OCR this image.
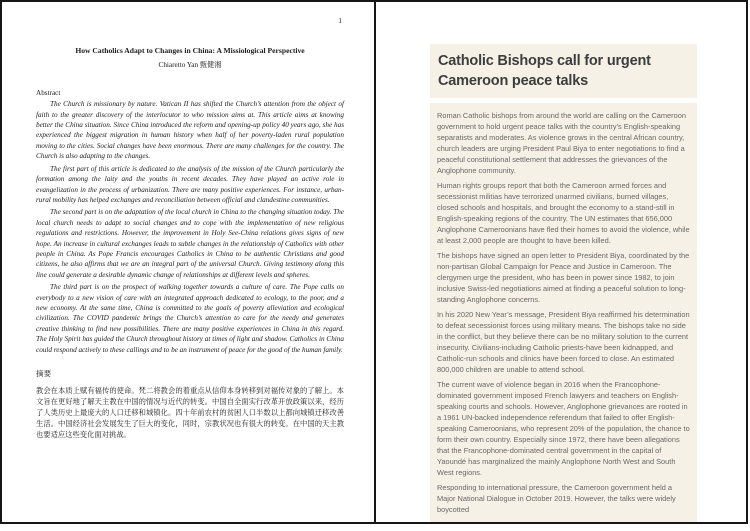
1
How Catholics Adapt to Changes in China: A Missiological Perspective
Chiaretto Yan 甄健湘
Abstract

The Church is missionary by nature. Vatican II has shifted the Church’s attention from the object of faith to the greater discovery of the interlocutor to who mission aims at. This article aims at knowing better the China situation. Since China introduced the reform and opening-up policy 40 years ago, she has experienced the biggest migration in human history when half of her poverty-laden rural population moving to the cities. Social changes have been enormous. There are many challenges for the country. The Church is also adapting to the changes.

The first part of this article is dedicated to the analysis of the mission of the Church particularly the formation among the laity and the youths in recent decades. They have played an active role in evangelization in the process of urbanization. There are many positive experiences. For instance, urban-rural mobility has helped exchanges and reconciliation between official and clandestine communities.

The second part is on the adaptation of the local church in China to the changing situation today. The local church needs to adapt to social changes and to cope with the implementation of new religious regulations and restrictions. However, the improvement in Holy See-China relations gives signs of new hope. An increase in cultural exchanges leads to subtle changes in the relationship of Catholics with other people in China. As Pope Francis encourages Catholics in China to be authentic Christians and good citizens, he also affirms that we are an integral part of the universal Church. Giving testimony along this line could generate a desirable dynamic change of relationships at different levels and spheres.

The third part is on the prospect of walking together towards a culture of care. The Pope calls on everybody to a new vision of care with an integrated approach dedicated to ecology, to the poor, and a new economy. At the same time, China is committed to the goals of poverty alleviation and ecological civilization. The COVID pandemic brings the Church’s attention to care for the needy and generates creative thinking to find new possibilities. There are many positive experiences in China in this regard. The Holy Spirit has guided the Church throughout history at times of light and shadow. Catholics in China could respond actively to these callings and to be an instrument of peace for the good of the human family.

摘要

教会在本质上赋有福传的使命。梵二将教会的着重点从信仰本身转移到对福传对象的了解上。本文旨在更好地了解天主教在中国的情况与近代的转变。中国自全面实行改革开放政策以来，经历了人类历史上最庞大的人口迁移和城镇化。四十年前农村的贫困人口半数以上都向城镇迁移改善生活。中国经济社会发展发生了巨大的变化，同时，宗教状况也有很大的转变。在中国的天主教也要适应这些变化面对挑战。

Catholic Bishops call for urgent Cameroon peace talks

Roman Catholic bishops from around the world are calling on the Cameroon government to hold urgent peace talks with the country’s English-speaking separatists and moderates. As violence grows in the central African country, church leaders are urging President Paul Biya to enter negotiations to find a peaceful constitutional settlement that addresses the grievances of the Anglophone community.

Human rights groups report that both the Cameroon armed forces and secessionist militias have terrorized unarmed civilians, burned villages, closed schools and hospitals, and brought the economy to a stand-still in English-speaking regions of the country. The UN estimates that 656,000 Anglophone Cameroonians have fled their homes to avoid the violence, while at least 2,000 people are thought to have been killed.

The bishops have signed an open letter to President Biya, coordinated by the non-partisan Global Campaign for Peace and Justice in Cameroon. The clergymen urge the president, who has been in power since 1982, to join inclusive Swiss-led negotiations aimed at finding a peaceful solution to long-standing Anglophone concerns.

In his 2020 New Year’s message, President Biya reaffirmed his determination to defeat secessionist forces using military means. The bishops take no side in the conflict, but they believe there can be no military solution to the current insecurity. Civilians-including Catholic priests-have been kidnapped, and Catholic-run schools and clinics have been forced to close. An estimated 800,000 children are unable to attend school.

The current wave of violence began in 2016 when the Francophone-dominated government imposed French lawyers and teachers on English-speaking courts and schools. However, Anglophone grievances are rooted in a 1961 UN-backed independence referendum that failed to offer English-speaking Cameroonians, who represent 20% of the population, the chance to form their own country. Especially since 1972, there have been allegations that the Francophone-dominated central government in the capital of Yaoundé has marginalized the mainly Anglophone North West and South West regions.

Responding to international pressure, the Cameroon government held a Major National Dialogue in October 2019. However, the talks were widely boycotted
